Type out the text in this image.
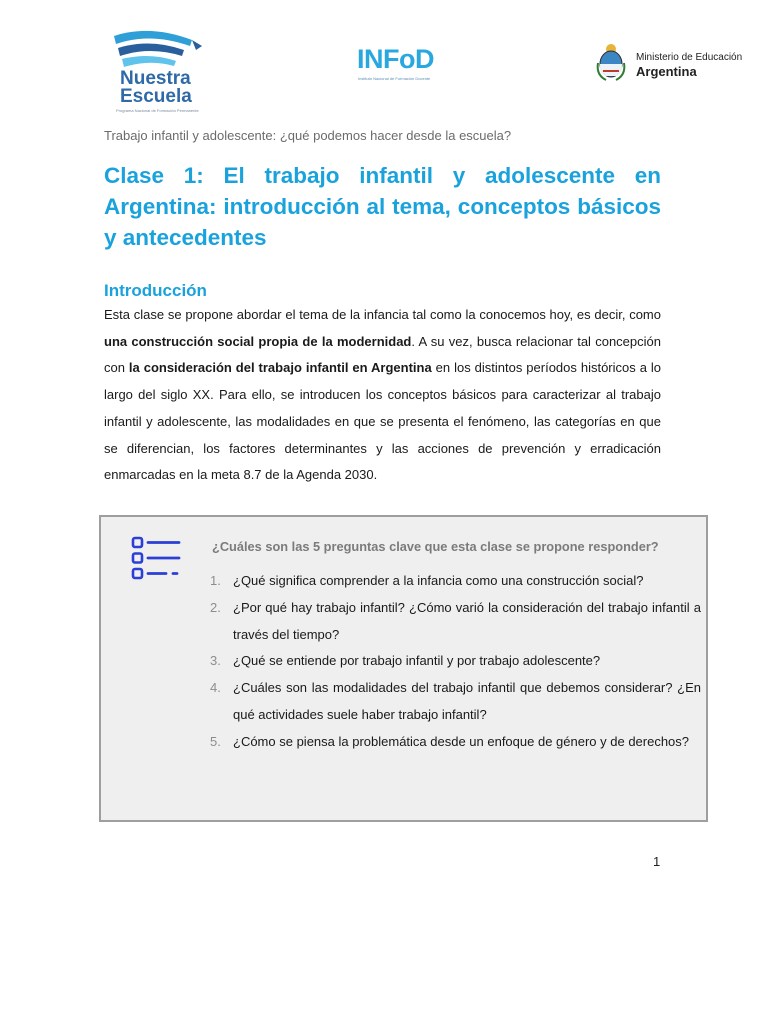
Nuestra
Escuela
Programa Nacional de Formación Permanente
INFoD
Instituto Nacional de Formación Docente
Ministerio de Educación
Argentina
Trabajo infantil y adolescente: ¿qué podemos hacer desde la escuela?
Clase 1: El trabajo infantil y adolescente en Argentina: introducción al tema, conceptos básicos y antecedentes
Introducción
Esta clase se propone abordar el tema de la infancia tal como la conocemos hoy, es decir, como una construcción social propia de la modernidad. A su vez, busca relacionar tal concepción con la consideración del trabajo infantil en Argentina en los distintos períodos históricos a lo largo del siglo XX. Para ello, se introducen los conceptos básicos para caracterizar al trabajo infantil y adolescente, las modalidades en que se presenta el fenómeno, las categorías en que se diferencian, los factores determinantes y las acciones de prevención y erradicación enmarcadas en la meta 8.7 de la Agenda 2030.
¿Cuáles son las 5 preguntas clave que esta clase se propone responder?
1. ¿Qué significa comprender a la infancia como una construcción social?
2. ¿Por qué hay trabajo infantil? ¿Cómo varió la consideración del trabajo infantil a través del tiempo?
3. ¿Qué se entiende por trabajo infantil y por trabajo adolescente?
4. ¿Cuáles son las modalidades del trabajo infantil que debemos considerar? ¿En qué actividades suele haber trabajo infantil?
5. ¿Cómo se piensa la problemática desde un enfoque de género y de derechos?
1
